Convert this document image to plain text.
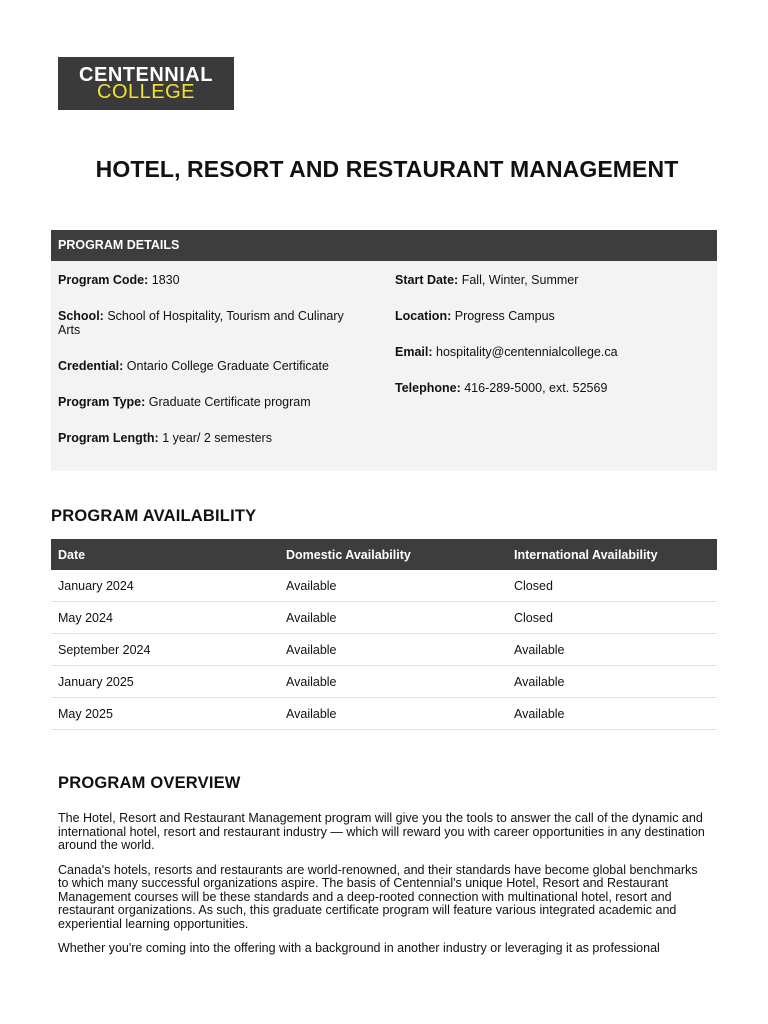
CENTENNIAL
COLLEGE
HOTEL, RESORT AND RESTAURANT MANAGEMENT
PROGRAM DETAILS
Program Code: 1830
School: School of Hospitality, Tourism and Culinary Arts
Credential: Ontario College Graduate Certificate
Program Type: Graduate Certificate program
Program Length: 1 year/ 2 semesters
Start Date: Fall, Winter, Summer
Location: Progress Campus
Email: hospitality@centennialcollege.ca
Telephone: 416-289-5000, ext. 52569
PROGRAM AVAILABILITY
Date	Domestic Availability	International Availability
January 2024	Available	Closed
May 2024	Available	Closed
September 2024	Available	Available
January 2025	Available	Available
May 2025	Available	Available
PROGRAM OVERVIEW

The Hotel, Resort and Restaurant Management program will give you the tools to answer the call of the dynamic and international hotel, resort and restaurant industry — which will reward you with career opportunities in any destination around the world.

Canada's hotels, resorts and restaurants are world-renowned, and their standards have become global benchmarks to which many successful organizations aspire. The basis of Centennial's unique Hotel, Resort and Restaurant Management courses will be these standards and a deep-rooted connection with multinational hotel, resort and restaurant organizations. As such, this graduate certificate program will feature various integrated academic and experiential learning opportunities.

Whether you're coming into the offering with a background in another industry or leveraging it as professional
